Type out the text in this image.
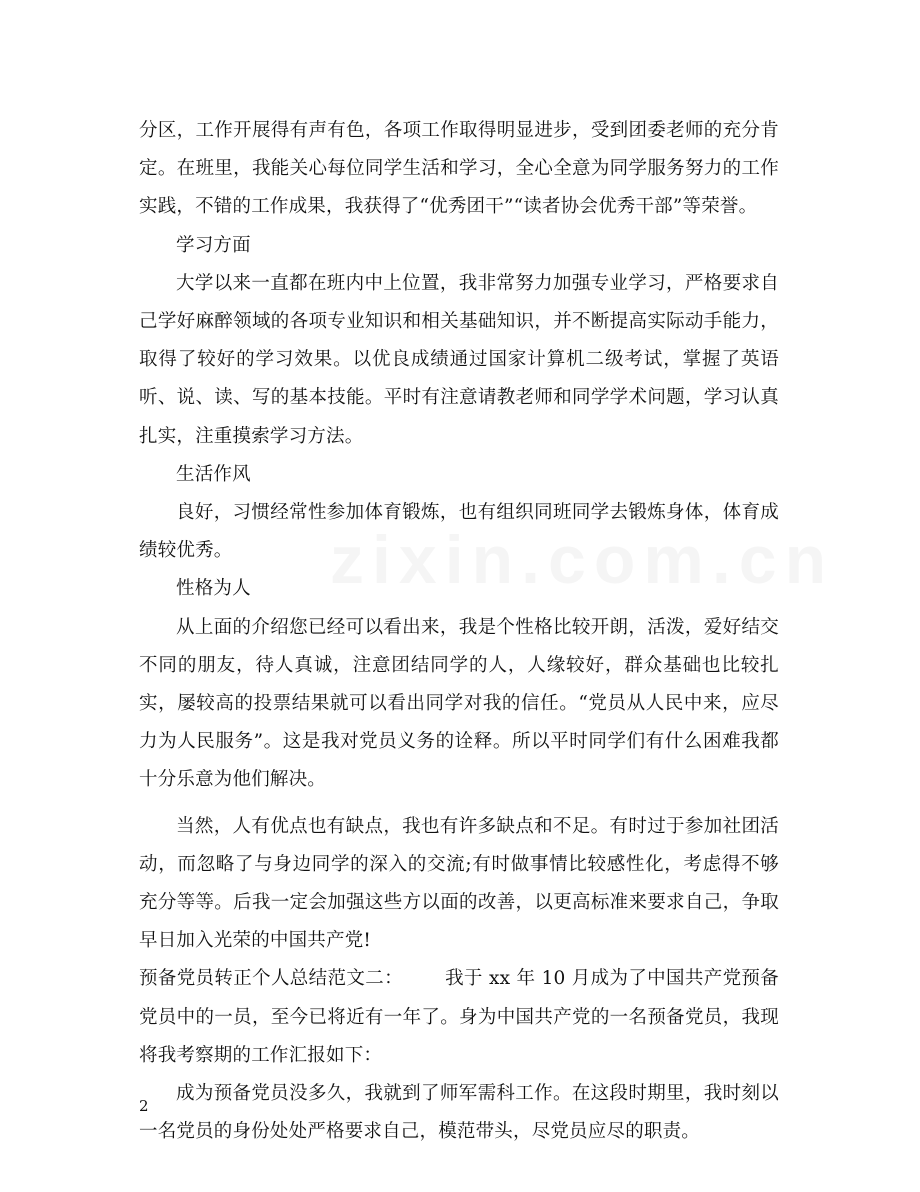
zixin.com.cn

分区，工作开展得有声有色，各项工作取得明显进步，受到团委老师的充分肯定。在班里，我能关心每位同学生活和学习，全心全意为同学服务努力的工作实践，不错的工作成果，我获得了“优秀团干”“读者协会优秀干部”等荣誉。

学习方面

大学以来一直都在班内中上位置，我非常努力加强专业学习，严格要求自己学好麻醉领域的各项专业知识和相关基础知识，并不断提高实际动手能力，取得了较好的学习效果。以优良成绩通过国家计算机二级考试，掌握了英语听、说、读、写的基本技能。平时有注意请教老师和同学学术问题，学习认真扎实，注重摸索学习方法。

生活作风

良好，习惯经常性参加体育锻炼，也有组织同班同学去锻炼身体，体育成绩较优秀。

性格为人

从上面的介绍您已经可以看出来，我是个性格比较开朗，活泼，爱好结交不同的朋友，待人真诚，注意团结同学的人，人缘较好，群众基础也比较扎实，屡较高的投票结果就可以看出同学对我的信任。“党员从人民中来，应尽力为人民服务”。这是我对党员义务的诠释。所以平时同学们有什么困难我都十分乐意为他们解决。

当然，人有优点也有缺点，我也有许多缺点和不足。有时过于参加社团活动，而忽略了与身边同学的深入的交流;有时做事情比较感性化，考虑得不够充分等等。后我一定会加强这些方以面的改善，以更高标准来要求自己，争取早日加入光荣的中国共产党!

预备党员转正个人总结范文二： 我于 xx 年 10 月成为了中国共产党预备党员中的一员，至今已将近有一年了。身为中国共产党的一名预备党员，我现将我考察期的工作汇报如下：

成为预备党员没多久，我就到了师军需科工作。在这段时期里，我时刻以一名党员的身份处处严格要求自己，模范带头，尽党员应尽的职责。

2
